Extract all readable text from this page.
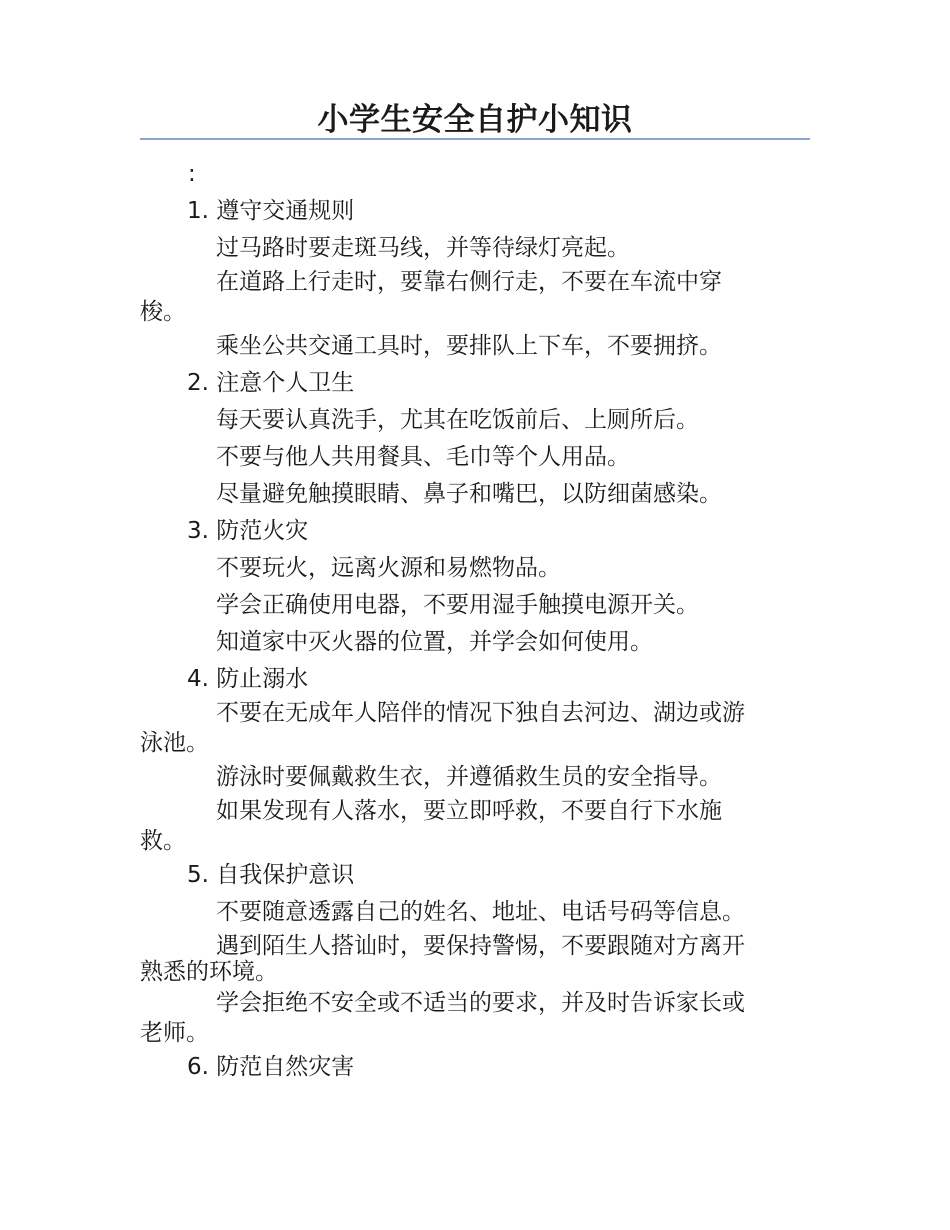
小学生安全自护小知识
:
1. 遵守交通规则
过马路时要走斑马线，并等待绿灯亮起。
在道路上行走时，要靠右侧行走，不要在车流中穿
梭。
乘坐公共交通工具时，要排队上下车，不要拥挤。
2. 注意个人卫生
每天要认真洗手，尤其在吃饭前后、上厕所后。
不要与他人共用餐具、毛巾等个人用品。
尽量避免触摸眼睛、鼻子和嘴巴，以防细菌感染。
3. 防范火灾
不要玩火，远离火源和易燃物品。
学会正确使用电器，不要用湿手触摸电源开关。
知道家中灭火器的位置，并学会如何使用。
4. 防止溺水
不要在无成年人陪伴的情况下独自去河边、湖边或游
泳池。
游泳时要佩戴救生衣，并遵循救生员的安全指导。
如果发现有人落水，要立即呼救，不要自行下水施
救。
5. 自我保护意识
不要随意透露自己的姓名、地址、电话号码等信息。
遇到陌生人搭讪时，要保持警惕，不要跟随对方离开
熟悉的环境。
学会拒绝不安全或不适当的要求，并及时告诉家长或
老师。
6. 防范自然灾害
